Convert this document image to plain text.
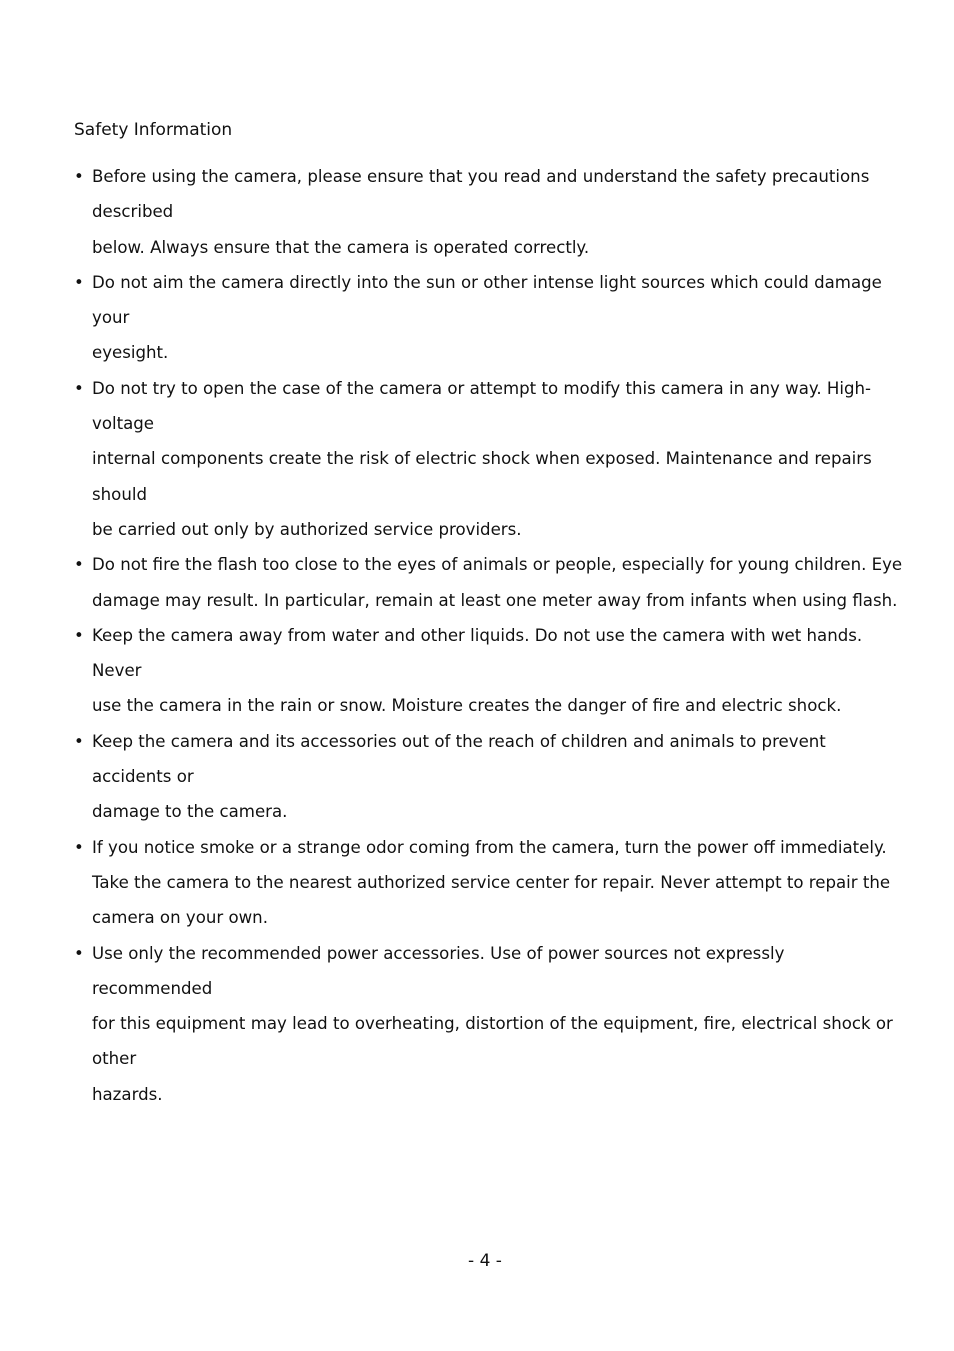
Safety Information
• Before using the camera, please ensure that you read and understand the safety precautions
described
below. Always ensure that the camera is operated correctly.
• Do not aim the camera directly into the sun or other intense light sources which could damage your
eyesight.
• Do not try to open the case of the camera or attempt to modify this camera in any way. High-voltage
internal components create the risk of electric shock when exposed. Maintenance and repairs should
be carried out only by authorized service providers.
• Do not fire the flash too close to the eyes of animals or people, especially for young children. Eye
damage may result. In particular, remain at least one meter away from infants when using flash.
• Keep the camera away from water and other liquids. Do not use the camera with wet hands. Never
use the camera in the rain or snow. Moisture creates the danger of fire and electric shock.
• Keep the camera and its accessories out of the reach of children and animals to prevent accidents or
damage to the camera.
• If you notice smoke or a strange odor coming from the camera, turn the power off immediately.
Take the camera to the nearest authorized service center for repair. Never attempt to repair the
camera on your own.
• Use only the recommended power accessories. Use of power sources not expressly recommended
for this equipment may lead to overheating, distortion of the equipment, fire, electrical shock or other
hazards.
- 4 -
